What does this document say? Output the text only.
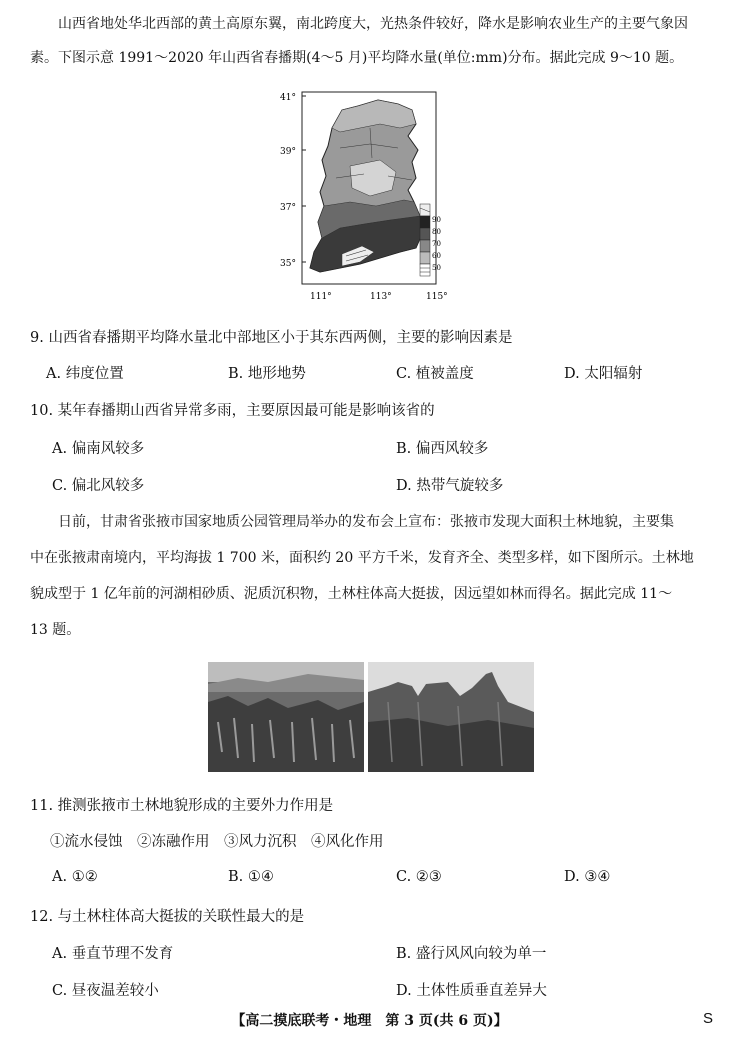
山西省地处华北西部的黄土高原东翼，南北跨度大，光热条件较好，降水是影响农业生产的主要气象因

素。下图示意 1991～2020 年山西省春播期(4～5 月)平均降水量(单位:mm)分布。据此完成 9～10 题。

41°
39°
37°
35°
111°	113°	115°
90
80
70
60
50

9. 山西省春播期平均降水量北中部地区小于其东西两侧，主要的影响因素是

A. 纬度位置	B. 地形地势	C. 植被盖度	D. 太阳辐射

10. 某年春播期山西省异常多雨，主要原因最可能是影响该省的

A. 偏南风较多	B. 偏西风较多

C. 偏北风较多	D. 热带气旋较多

日前，甘肃省张掖市国家地质公园管理局举办的发布会上宣布：张掖市发现大面积土林地貌，主要集

中在张掖肃南境内，平均海拔 1 700 米，面积约 20 平方千米，发育齐全、类型多样，如下图所示。土林地

貌成型于 1 亿年前的河湖相砂质、泥质沉积物，土林柱体高大挺拔，因远望如林而得名。据此完成 11～

13 题。

11. 推测张掖市土林地貌形成的主要外力作用是

①流水侵蚀　②冻融作用　③风力沉积　④风化作用

A. ①②	B. ①④	C. ②③	D. ③④

12. 与土林柱体高大挺拔的关联性最大的是

A. 垂直节理不发育	B. 盛行风风向较为单一

C. 昼夜温差较小	D. 土体性质垂直差异大

【高二摸底联考・地理　第 3 页(共 6 页)】	S
